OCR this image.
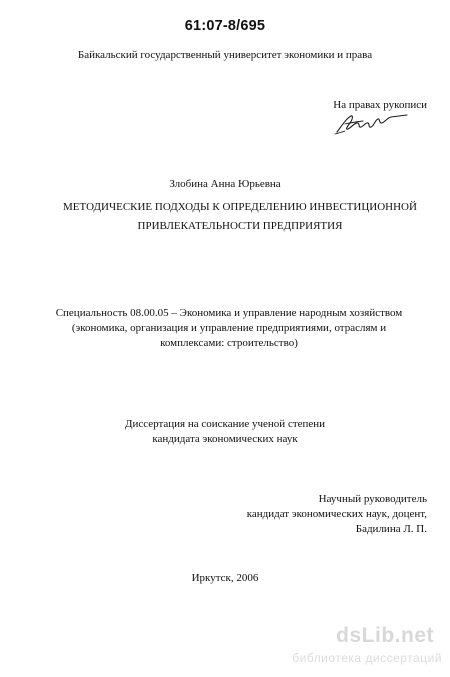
61:07-8/695
Байкальский государственный университет экономики и права
На правах рукописи
Злобина Анна Юрьевна
МЕТОДИЧЕСКИЕ ПОДХОДЫ К ОПРЕДЕЛЕНИЮ ИНВЕСТИЦИОННОЙ
ПРИВЛЕКАТЕЛЬНОСТИ ПРЕДПРИЯТИЯ
Специальность 08.00.05 – Экономика и управление народным хозяйством
(экономика, организация и управление предприятиями, отраслям и
комплексами: строительство)
Диссертация на соискание ученой степени
кандидата экономических наук
Научный руководитель
кандидат экономических наук, доцент,
Бадилина Л. П.
Иркутск, 2006
dsLib.net
библиотека диссертаций
